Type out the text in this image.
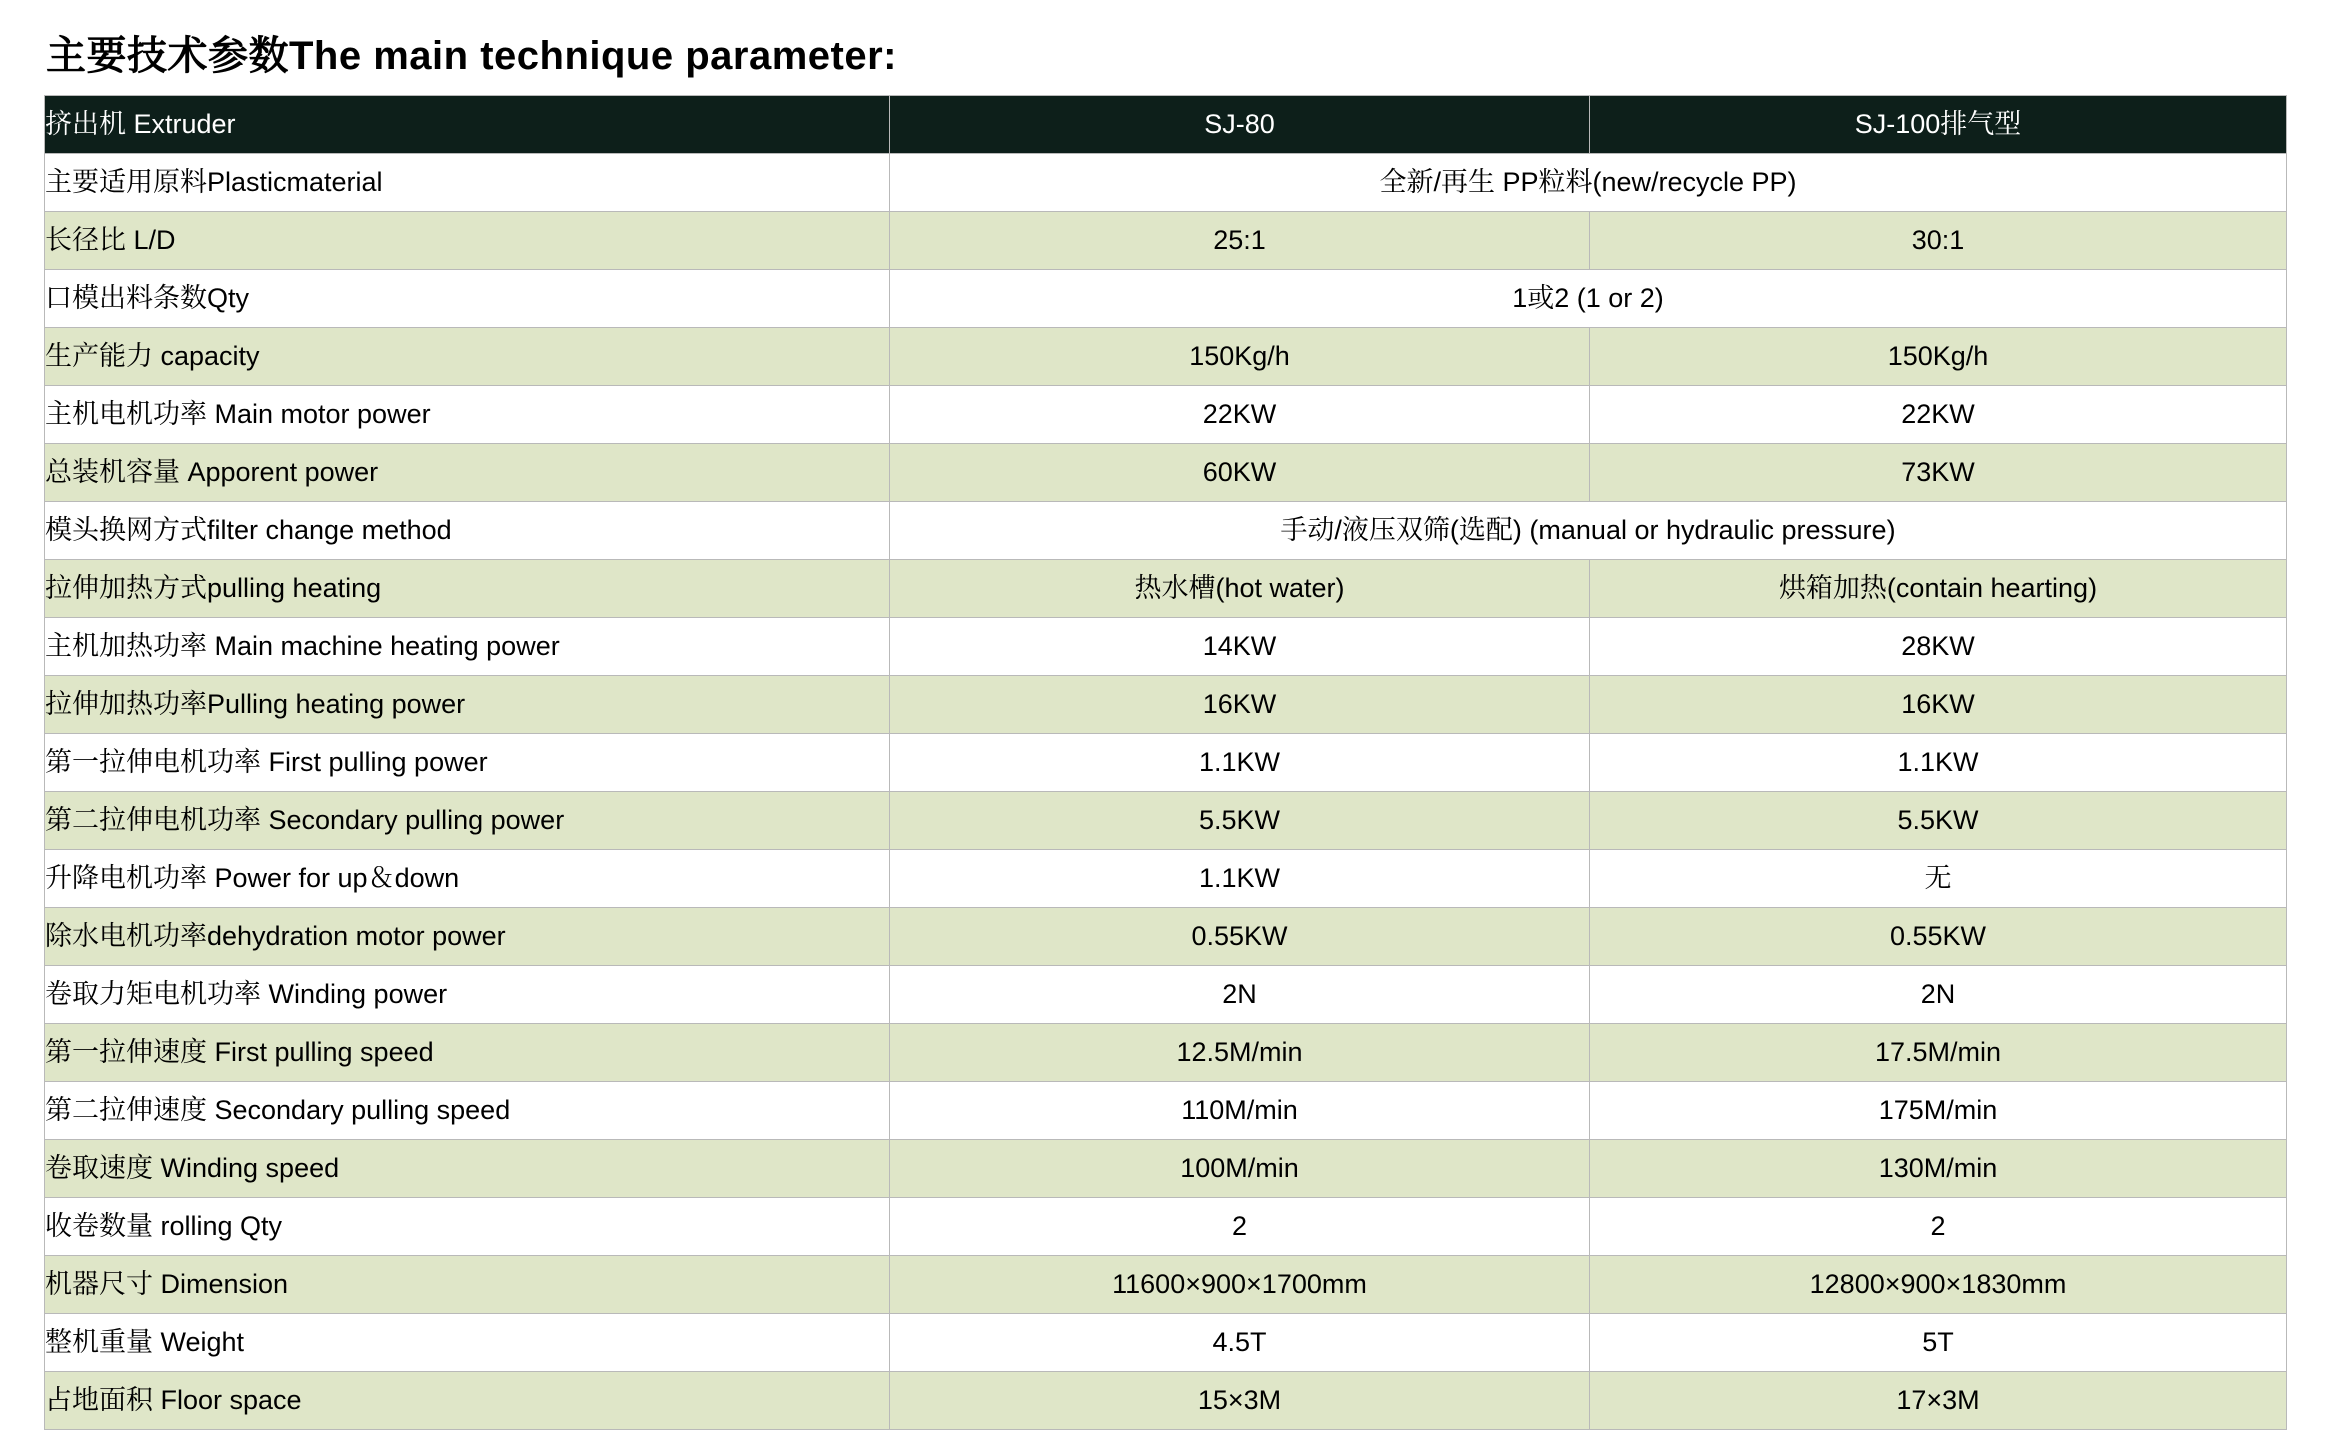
主要技术参数The main technique parameter:
挤出机 Extruder	SJ-80	SJ-100排气型
主要适用原料Plasticmaterial	全新/再生 PP粒料(new/recycle PP)	
长径比 L/D	25:1	30:1
口模出料条数Qty	1或2 (1 or 2)	
生产能力 capacity	150Kg/h	150Kg/h
主机电机功率 Main motor power	22KW	22KW
总装机容量 Apporent power	60KW	73KW
模头换网方式filter change method	手动/液压双筛(选配) (manual or hydraulic pressure)	
拉伸加热方式pulling heating	热水槽(hot water)	烘箱加热(contain hearting)
主机加热功率 Main machine heating power	14KW	28KW
拉伸加热功率Pulling heating power	16KW	16KW
第一拉伸电机功率 First pulling power	1.1KW	1.1KW
第二拉伸电机功率 Secondary pulling power	5.5KW	5.5KW
升降电机功率 Power for up＆down	1.1KW	无
除水电机功率dehydration motor power	0.55KW	0.55KW
卷取力矩电机功率 Winding power	2N	2N
第一拉伸速度 First pulling speed	12.5M/min	17.5M/min
第二拉伸速度 Secondary pulling speed	110M/min	175M/min
卷取速度 Winding speed	100M/min	130M/min
收卷数量 rolling Qty	2	2
机器尺寸 Dimension	11600×900×1700mm	12800×900×1830mm
整机重量 Weight	4.5T	5T
占地面积 Floor space	15×3M	17×3M
